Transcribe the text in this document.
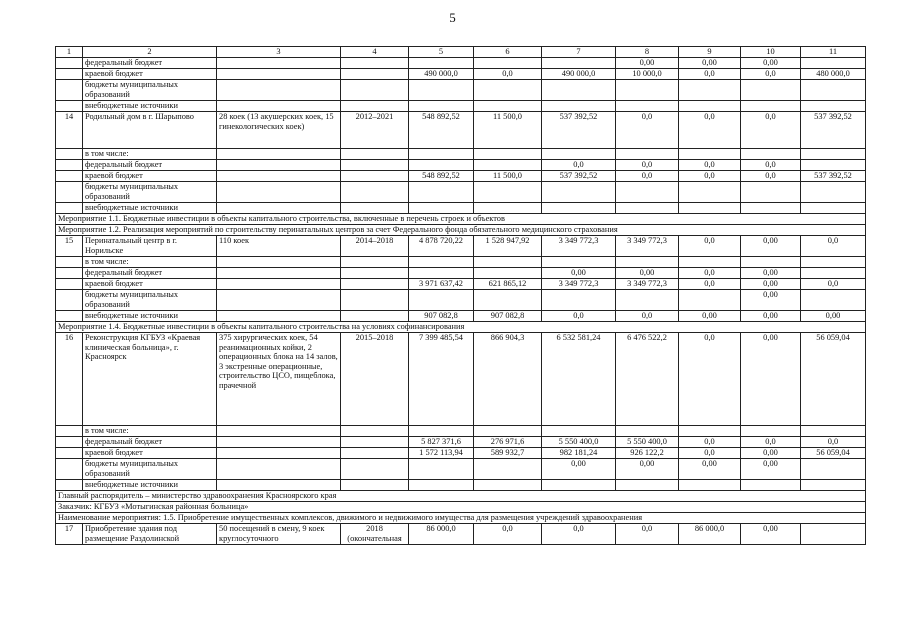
5
1	2	3	4	5	6	7	8	9	10	11
	федеральный бюджет						0,00	0,00	0,00	
	краевой бюджет			490 000,0	0,0	490 000,0	10 000,0	0,0	0,0	480 000,0
	бюджеты муниципальных образований									
	внебюджетные источники									
14	Родильный дом в г. Шарыпово	28 коек (13 акушерских коек, 15 гинекологических коек)	2012–2021	548 892,52	11 500,0	537 392,52	0,0	0,0	0,0	537 392,52
	в том числе:									
	федеральный бюджет					0,0	0,0	0,0	0,0	
	краевой бюджет			548 892,52	11 500,0	537 392,52	0,0	0,0	0,0	537 392,52
	бюджеты муниципальных образований									
	внебюджетные источники									
Мероприятие 1.1. Бюджетные инвестиции в объекты капитального строительства, включенные в перечень строек и объектов										
Мероприятие 1.2. Реализация мероприятий по строительству перинатальных центров за счет Федерального фонда обязательного медицинского страхования										
15	Перинатальный центр в г. Норильске	110 коек	2014–2018	4 878 720,22	1 528 947,92	3 349 772,3	3 349 772,3	0,0	0,00	0,0
	в том числе:									
	федеральный бюджет					0,00	0,00	0,0	0,00	
	краевой бюджет			3 971 637,42	621 865,12	3 349 772,3	3 349 772,3	0,0	0,00	0,0
	бюджеты муниципальных образований								0,00	
	внебюджетные источники			907 082,8	907 082,8	0,0	0,0	0,00	0,00	0,00
Мероприятие 1.4. Бюджетные инвестиции в объекты капитального строительства на условиях софинансирования										
16	Реконструкция КГБУЗ «Краевая клиническая больница», г. Красноярск	375 хирургических коек, 54 реанимационных койки, 2 операционных блока на 14 залов, 3 экстренные операционные, строительство ЦСО, пищеблока, прачечной	2015–2018	7 399 485,54	866 904,3	6 532 581,24	6 476 522,2	0,0	0,00	56 059,04
	в том числе:									
	федеральный бюджет			5 827 371,6	276 971,6	5 550 400,0	5 550 400,0	0,0	0,0	0,0
	краевой бюджет			1 572 113,94	589 932,7	982 181,24	926 122,2	0,0	0,00	56 059,04
	бюджеты муниципальных образований					0,00	0,00	0,00	0,00	
	внебюджетные источники									
Главный распорядитель – министерство здравоохранения Красноярского края										
Заказчик: КГБУЗ «Мотыгинская районная больница»										
Наименование мероприятия: 1.5. Приобретение имущественных комплексов, движимого и недвижимого имущества для размещения учреждений здравоохранения										
17	Приобретение здания под размещение Раздолинской	50 посещений в смену, 9 коек круглосуточного	2018 (окончательная	86 000,0	0,0	0,0	0,0	86 000,0	0,00	
